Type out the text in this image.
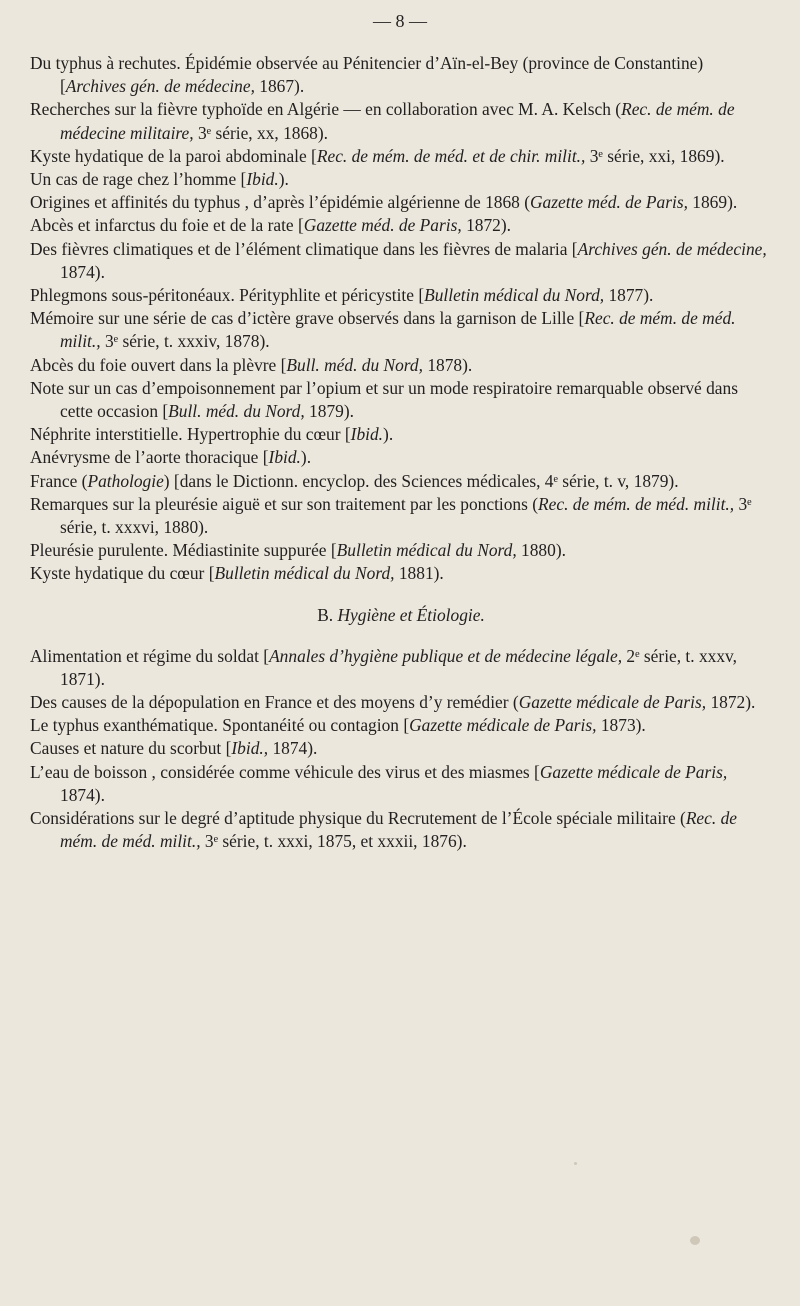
— 8 —

Du typhus à rechutes. Épidémie observée au Pénitencier d’Aïn-el-Bey (province de Constantine) [Archives gén. de médecine, 1867).

Recherches sur la fièvre typhoïde en Algérie — en collaboration avec M. A. Kelsch (Rec. de mém. de médecine militaire, 3ᵉ série, xx, 1868).

Kyste hydatique de la paroi abdominale [Rec. de mém. de méd. et de chir. milit., 3ᵉ série, xxi, 1869).

Un cas de rage chez l’homme [Ibid.).

Origines et affinités du typhus , d’après l’épidémie algérienne de 1868 (Gazette méd. de Paris, 1869).

Abcès et infarctus du foie et de la rate [Gazette méd. de Paris, 1872).

Des fièvres climatiques et de l’élément climatique dans les fièvres de malaria [Archives gén. de médecine, 1874).

Phlegmons sous-péritonéaux. Pérityphlite et péricystite [Bulletin médical du Nord, 1877).

Mémoire sur une série de cas d’ictère grave observés dans la garnison de Lille [Rec. de mém. de méd. milit., 3ᵉ série, t. xxxiv, 1878).

Abcès du foie ouvert dans la plèvre [Bull. méd. du Nord, 1878).

Note sur un cas d’empoisonnement par l’opium et sur un mode respiratoire remarquable observé dans cette occasion [Bull. méd. du Nord, 1879).

Néphrite interstitielle. Hypertrophie du cœur [Ibid.).

Anévrysme de l’aorte thoracique [Ibid.).

France (Pathologie) [dans le Dictionn. encyclop. des Sciences médicales, 4ᵉ série, t. v, 1879).

Remarques sur la pleurésie aiguë et sur son traitement par les ponctions (Rec. de mém. de méd. milit., 3ᵉ série, t. xxxvi, 1880).

Pleurésie purulente. Médiastinite suppurée [Bulletin médical du Nord, 1880).

Kyste hydatique du cœur [Bulletin médical du Nord, 1881).

B. Hygiène et Étiologie.

Alimentation et régime du soldat [Annales d’hygiène publique et de médecine légale, 2ᵉ série, t. xxxv, 1871).

Des causes de la dépopulation en France et des moyens d’y remédier (Gazette médicale de Paris, 1872).

Le typhus exanthématique. Spontanéité ou contagion [Gazette médicale de Paris, 1873).

Causes et nature du scorbut [Ibid., 1874).

L’eau de boisson , considérée comme véhicule des virus et des miasmes [Gazette médicale de Paris, 1874).

Considérations sur le degré d’aptitude physique du Recrutement de l’École spéciale militaire (Rec. de mém. de méd. milit., 3ᵉ série, t. xxxi, 1875, et xxxii, 1876).
